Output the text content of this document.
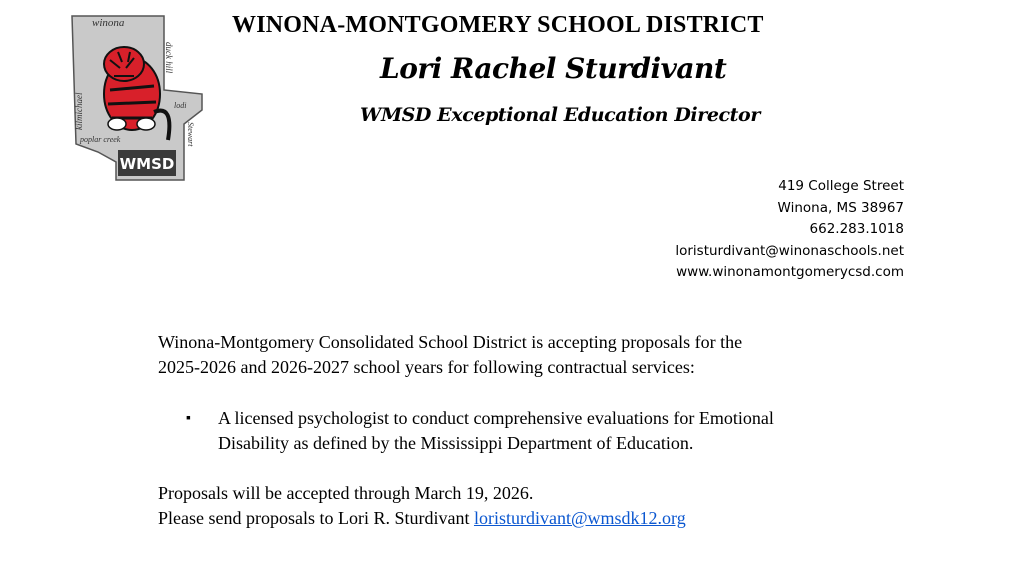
winona
duck hill
kilmichael	lodi
poplar creek	Stewart
WMSD
WINONA-MONTGOMERY SCHOOL DISTRICT
Lori Rachel Sturdivant
WMSD Exceptional Education Director
419 College Street
Winona, MS 38967
662.283.1018
loristurdivant@winonaschools.net
www.winonamontgomerycsd.com

Winona-Montgomery Consolidated School District is accepting proposals for the

2025-2026 and 2026-2027 school years for following contractual services:

▪ A licensed psychologist to conduct comprehensive evaluations for Emotional

Disability as defined by the Mississippi Department of Education.

Proposals will be accepted through March 19, 2026.

Please send proposals to Lori R. Sturdivant loristurdivant@wmsdk12.org
